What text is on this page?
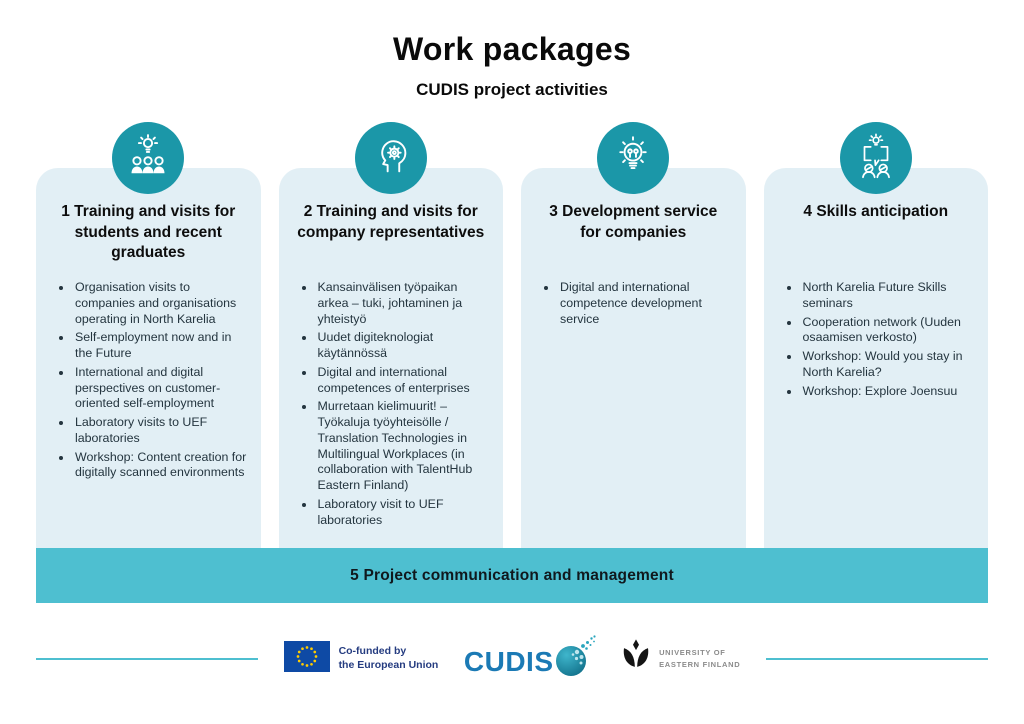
Work packages
CUDIS project activities
1 Training and visits for students and recent graduates
• Organisation visits to companies and organisations operating in North Karelia
• Self-employment now and in the Future
• International and digital perspectives on customer-oriented self-employment
• Laboratory visits to UEF laboratories
• Workshop: Content creation for digitally scanned environments
2 Training and visits for company representatives
• Kansainvälisen työpaikan arkea – tuki, johtaminen ja yhteistyö
• Uudet digiteknologiat käytännössä
• Digital and international competences of enterprises
• Murretaan kielimuurit! – Työkaluja työyhteisölle / Translation Technologies in Multilingual Workplaces (in collaboration with TalentHub Eastern Finland)
• Laboratory visit to UEF laboratories
3 Development service for companies
• Digital and international competence development service
4 Skills anticipation
• North Karelia Future Skills seminars
• Cooperation network (Uuden osaamisen verkosto)
• Workshop: Would you stay in North Karelia?
• Workshop: Explore Joensuu
5 Project communication and management
Co-funded by
the European Union CUDIS	UNIVERSITY OF
EASTERN FINLAND
